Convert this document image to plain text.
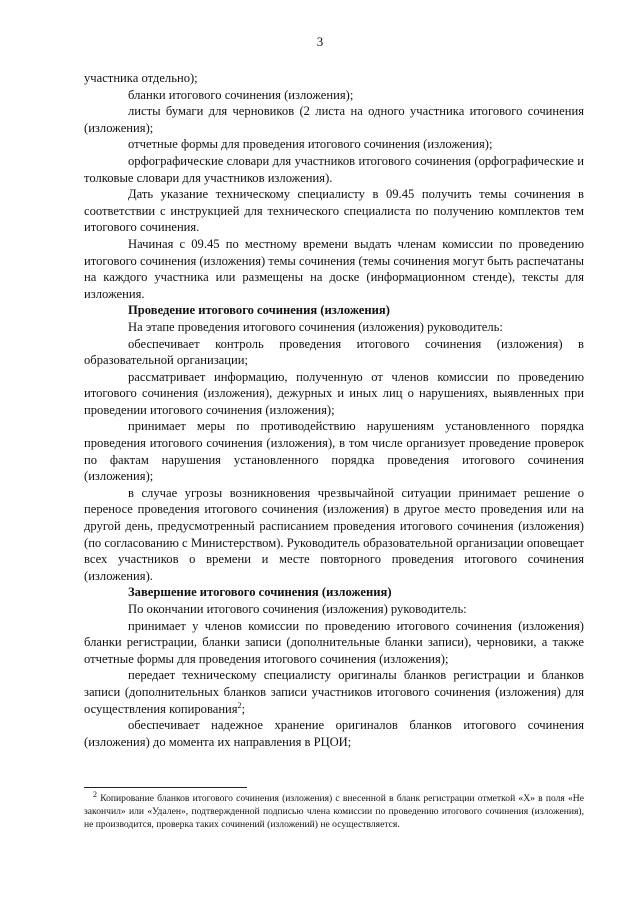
3

участника отдельно);

бланки итогового сочинения (изложения);

листы бумаги для черновиков (2 листа на одного участника итогового сочинения (изложения);

отчетные формы для проведения итогового сочинения (изложения);

орфографические словари для участников итогового сочинения (орфографические и толковые словари для участников изложения).

Дать указание техническому специалисту в 09.45 получить темы сочинения в соответствии с инструкцией для технического специалиста по получению комплектов тем итогового сочинения.

Начиная с 09.45 по местному времени выдать членам комиссии по проведению итогового сочинения (изложения) темы сочинения (темы сочинения могут быть распечатаны на каждого участника или размещены на доске (информационном стенде), тексты для изложения.

Проведение итогового сочинения (изложения)

На этапе проведения итогового сочинения (изложения) руководитель:

обеспечивает контроль проведения итогового сочинения (изложения) в образовательной организации;

рассматривает информацию, полученную от членов комиссии по проведению итогового сочинения (изложения), дежурных и иных лиц о нарушениях, выявленных при проведении итогового сочинения (изложения);

принимает меры по противодействию нарушениям установленного порядка проведения итогового сочинения (изложения), в том числе организует проведение проверок по фактам нарушения установленного порядка проведения итогового сочинения (изложения);

в случае угрозы возникновения чрезвычайной ситуации принимает решение о переносе проведения итогового сочинения (изложения) в другое место проведения или на другой день, предусмотренный расписанием проведения итогового сочинения (изложения) (по согласованию с Министерством). Руководитель образовательной организации оповещает всех участников о времени и месте повторного проведения итогового сочинения (изложения).

Завершение итогового сочинения (изложения)

По окончании итогового сочинения (изложения) руководитель:

принимает у членов комиссии по проведению итогового сочинения (изложения) бланки регистрации, бланки записи (дополнительные бланки записи), черновики, а также отчетные формы для проведения итогового сочинения (изложения);

передает техническому специалисту оригиналы бланков регистрации и бланков записи (дополнительных бланков записи участников итогового сочинения (изложения) для осуществления копирования$^2$;

обеспечивает надежное хранение оригиналов бланков итогового сочинения (изложения) до момента их направления в РЦОИ;

$^2$ Копирование бланков итогового сочинения (изложения) с внесенной в бланк регистрации отметкой «Х» в поля «Не закончил» или «Удален», подтвержденной подписью члена комиссии по проведению итогового сочинения (изложения), не производится, проверка таких сочинений (изложений) не осуществляется.
